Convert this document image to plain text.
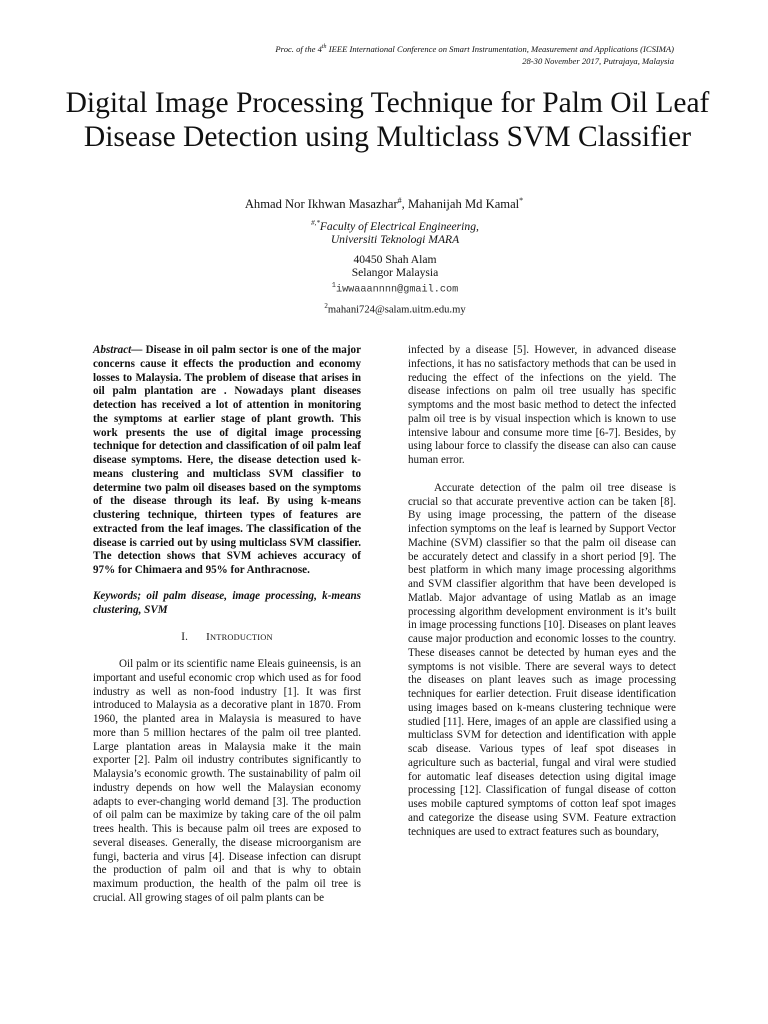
Proc. of the 4th IEEE International Conference on Smart Instrumentation, Measurement and Applications (ICSIMA)
28-30 November 2017, Putrajaya, Malaysia
Digital Image Processing Technique for Palm Oil Leaf Disease Detection using Multiclass SVM Classifier
Ahmad Nor Ikhwan Masazhar#, Mahanijah Md Kamal*
#,*Faculty of Electrical Engineering,
Universiti Teknologi MARA
40450 Shah Alam
Selangor Malaysia
$^1$iwwaaannnn@gmail.com
$^2$mahani724@salam.uitm.edu.my

Abstract— Disease in oil palm sector is one of the major concerns cause it effects the production and economy losses to Malaysia. The problem of disease that arises in oil palm plantation are . Nowadays plant diseases detection has received a lot of attention in monitoring the symptoms at earlier stage of plant growth. This work presents the use of digital image processing technique for detection and classification of oil palm leaf disease symptoms. Here, the disease detection used k-means clustering and multiclass SVM classifier to determine two palm oil diseases based on the symptoms of the disease through its leaf. By using k-means clustering technique, thirteen types of features are extracted from the leaf images. The classification of the disease is carried out by using multiclass SVM classifier. The detection shows that SVM achieves accuracy of 97% for Chimaera and 95% for Anthracnose.

Keywords; oil palm disease, image processing, k-means clustering, SVM

I. INTRODUCTION

Oil palm or its scientific name Eleais guineensis, is an important and useful economic crop which used as for food industry as well as non-food industry [1]. It was first introduced to Malaysia as a decorative plant in 1870. From 1960, the planted area in Malaysia is measured to have more than 5 million hectares of the palm oil tree planted. Large plantation areas in Malaysia make it the main exporter [2]. Palm oil industry contributes significantly to Malaysia’s economic growth. The sustainability of palm oil industry depends on how well the Malaysian economy adapts to ever-changing world demand [3]. The production of oil palm can be maximize by taking care of the oil palm trees health. This is because palm oil trees are exposed to several diseases. Generally, the disease microorganism are fungi, bacteria and virus [4]. Disease infection can disrupt the production of palm oil and that is why to obtain maximum production, the health of the palm oil tree is crucial. All growing stages of oil palm plants can be

infected by a disease [5]. However, in advanced disease infections, it has no satisfactory methods that can be used in reducing the effect of the infections on the yield. The disease infections on palm oil tree usually has specific symptoms and the most basic method to detect the infected palm oil tree is by visual inspection which is known to use intensive labour and consume more time [6-7]. Besides, by using labour force to classify the disease can also can cause human error.

Accurate detection of the palm oil tree disease is crucial so that accurate preventive action can be taken [8]. By using image processing, the pattern of the disease infection symptoms on the leaf is learned by Support Vector Machine (SVM) classifier so that the palm oil disease can be accurately detect and classify in a short period [9]. The best platform in which many image processing algorithms and SVM classifier algorithm that have been developed is Matlab. Major advantage of using Matlab as an image processing algorithm development environment is it’s built in image processing functions [10]. Diseases on plant leaves cause major production and economic losses to the country. These diseases cannot be detected by human eyes and the symptoms is not visible. There are several ways to detect the diseases on plant leaves such as image processing techniques for earlier detection. Fruit disease identification using images based on k-means clustering technique were studied [11]. Here, images of an apple are classified using a multiclass SVM for detection and identification with apple scab disease. Various types of leaf spot diseases in agriculture such as bacterial, fungal and viral were studied for automatic leaf diseases detection using digital image processing [12]. Classification of fungal disease of cotton uses mobile captured symptoms of cotton leaf spot images and categorize the disease using SVM. Feature extraction techniques are used to extract features such as boundary,
